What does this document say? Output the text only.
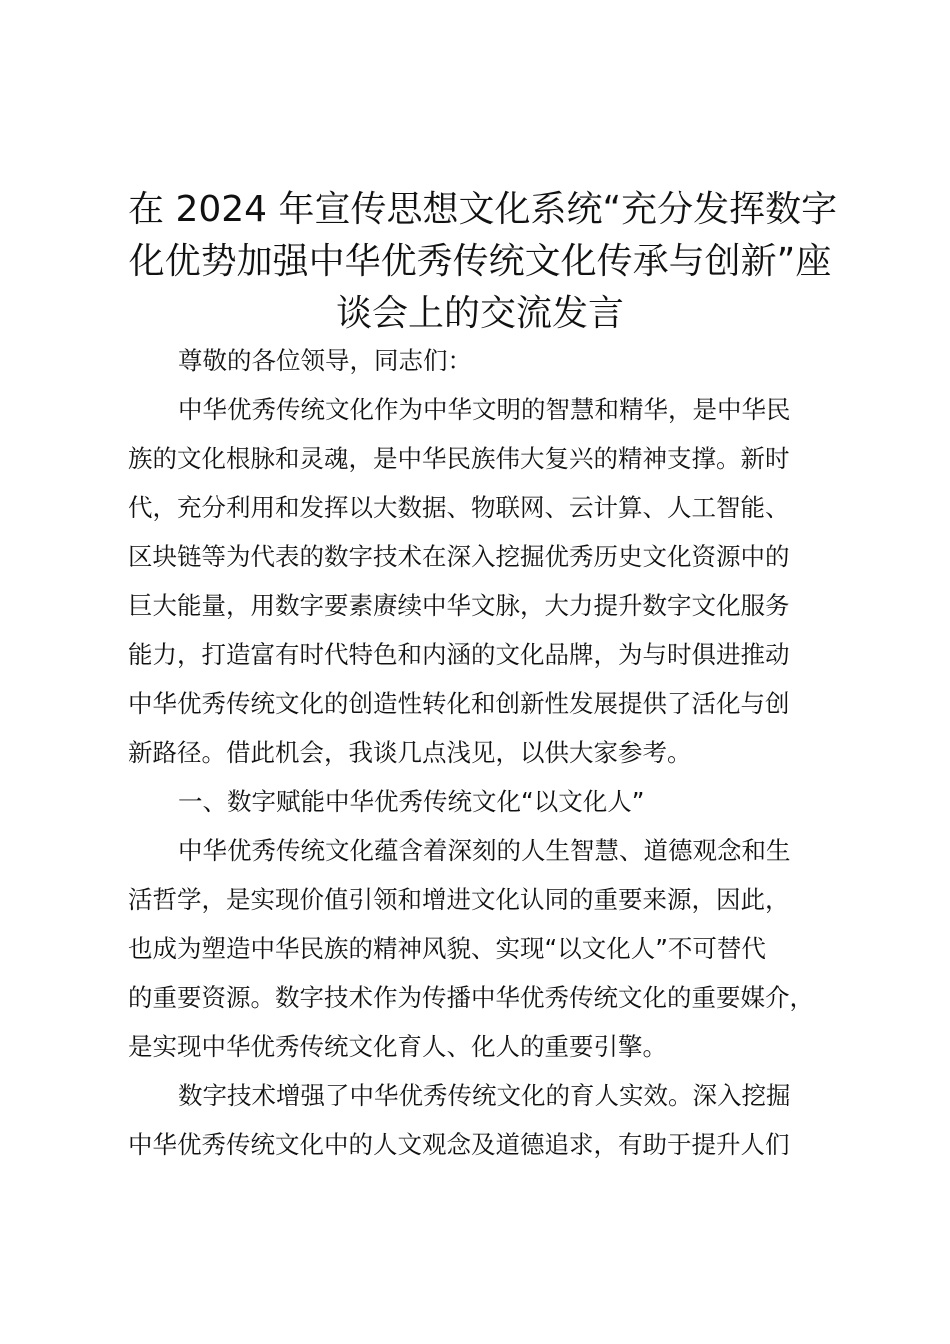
在 2024 年宣传思想文化系统“充分发挥数字
化优势加强中华优秀传统文化传承与创新”座
谈会上的交流发言

尊敬的各位领导，同志们：

中华优秀传统文化作为中华文明的智慧和精华，是中华民
族的文化根脉和灵魂，是中华民族伟大复兴的精神支撑。新时
代，充分利用和发挥以大数据、物联网、云计算、人工智能、
区块链等为代表的数字技术在深入挖掘优秀历史文化资源中的
巨大能量，用数字要素赓续中华文脉，大力提升数字文化服务
能力，打造富有时代特色和内涵的文化品牌，为与时俱进推动
中华优秀传统文化的创造性转化和创新性发展提供了活化与创
新路径。借此机会，我谈几点浅见，以供大家参考。

一、数字赋能中华优秀传统文化“以文化人”

中华优秀传统文化蕴含着深刻的人生智慧、道德观念和生
活哲学，是实现价值引领和增进文化认同的重要来源，因此，
也成为塑造中华民族的精神风貌、实现“以文化人”不可替代
的重要资源。数字技术作为传播中华优秀传统文化的重要媒介，
是实现中华优秀传统文化育人、化人的重要引擎。

数字技术增强了中华优秀传统文化的育人实效。深入挖掘
中华优秀传统文化中的人文观念及道德追求，有助于提升人们
